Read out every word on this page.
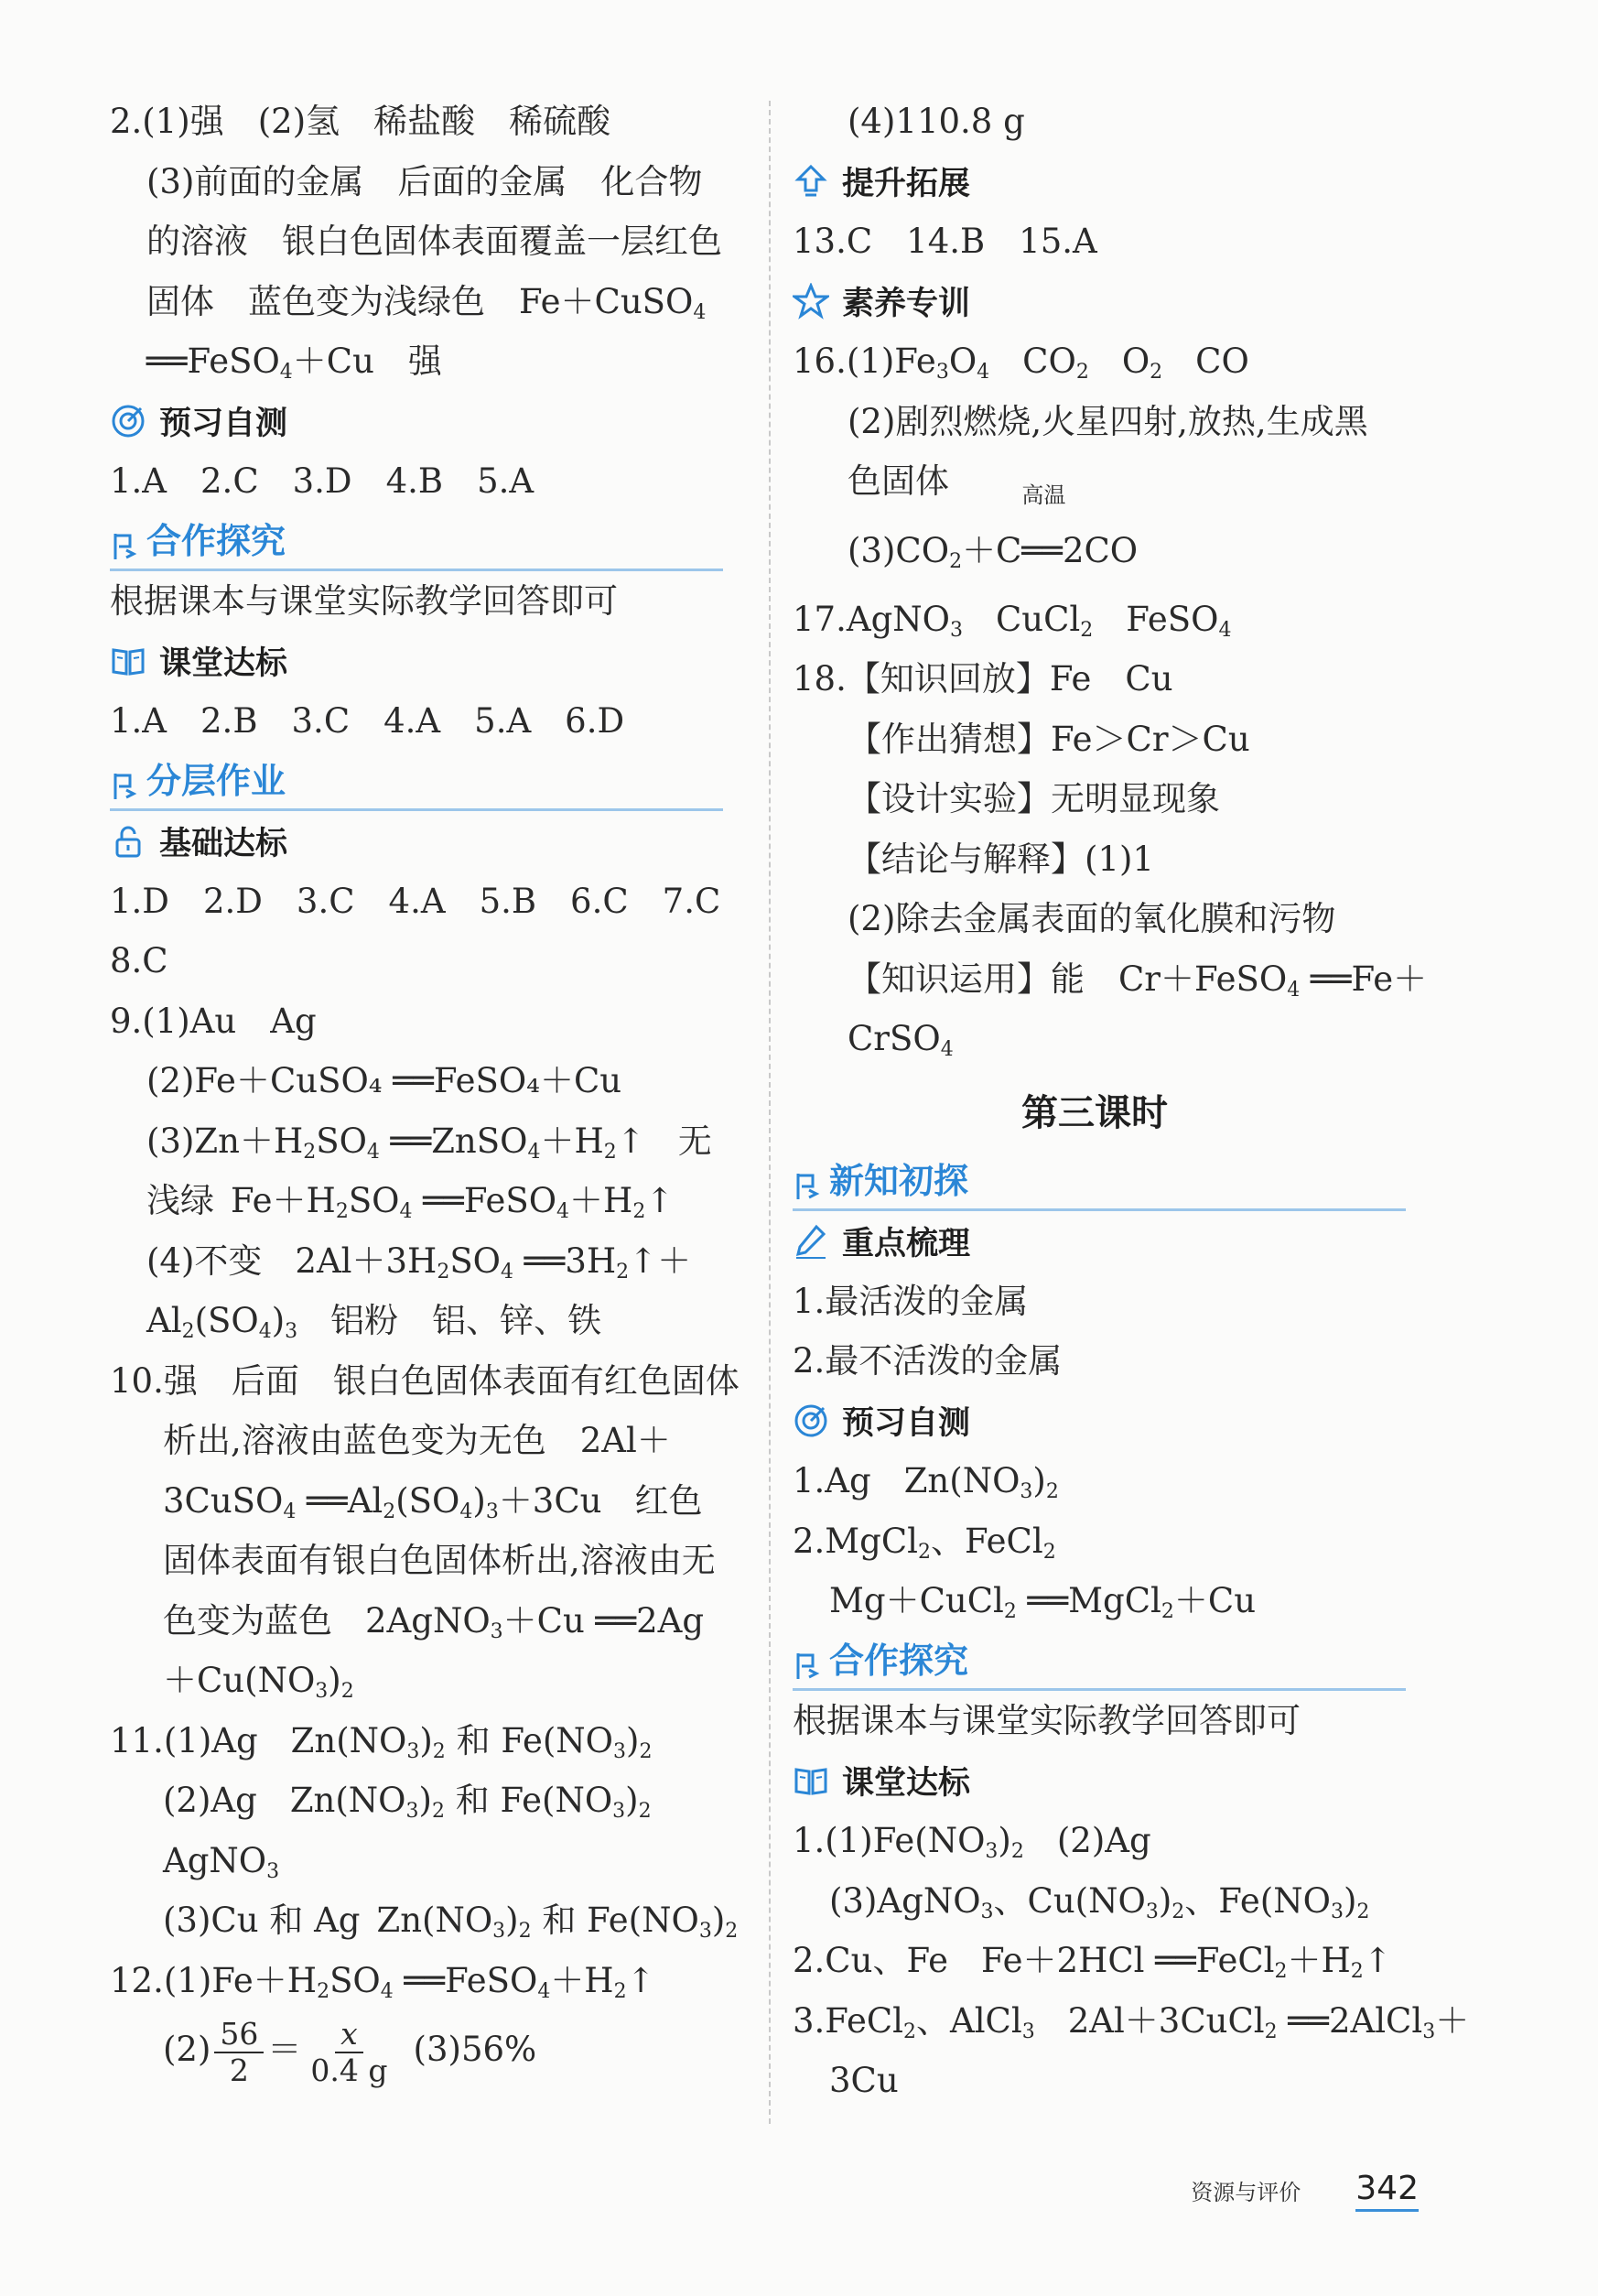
2.(1)强　(2)氢　稀盐酸　稀硫酸
(3)前面的金属　后面的金属　化合物
的溶液　银白色固体表面覆盖一层红色
固体　蓝色变为浅绿色　Fe＋CuSO$_4$
══FeSO$_4$＋Cu　强
预习自测
1.A　2.C　3.D　4.B　5.A
合作探究
根据课本与课堂实际教学回答即可
课堂达标
1.A　2.B　3.C　4.A　5.A　6.D
分层作业
基础达标
1.D　2.D　3.C　4.A　5.B　6.C　7.C
8.C
9.(1)Au　Ag
(2)Fe＋CuSO₄ ══FeSO₄＋Cu
$(3)Zn+H_2SO_4$ $══ZnSO_4+H_2↑$ 无
浅绿 $Fe+H_2SO_4$ $══FeSO_4+H_2↑$
(4)不变 $2Al+3H_2SO_4$ $══3H_2↑+$
$Al_2(SO_4)_3$ 铝粉　铝、锌、铁
10.强　后面　银白色固体表面有红色固体
析出,溶液由蓝色变为无色　2Al＋
3CuSO$_4$ $══Al_2(SO_4)_3+3Cu$ 红色
固体表面有银白色固体析出,溶液由无
色变为蓝色 2AgNO$_3$＋Cu ══2Ag
$+Cu(NO_3)_2$
11.(1)Ag $Zn(NO_3)_2$ 和 $Fe(NO_3)_2$
(2)Ag $Zn(NO_3)_2$ 和 $Fe(NO_3)_2$
AgNO$_3$
(3)Cu 和 Ag $Zn(NO_3)_2$ 和 $Fe(NO_3)_2$
$12.(1)Fe+H_2SO_4$ $══FeSO_4+H_2↑$
$(2) \frac{56}{2} = \frac{x}{0.4 g} (3)56\%$
(4)110.8 g
提升拓展
13.C　14.B　15.A
素养专训
$16.(1)Fe_3O_4$ $CO_2$ $O_2$ CO
(2)剧烈燃烧,火星四射,放热,生成黑
色固体
$(3)CO_2+C$
高温
══2CO
17.AgNO$_3$ CuCl$_2$ FeSO$_4$
18.【知识回放】Fe　Cu
【作出猜想】Fe＞Cr＞Cu
【设计实验】无明显现象
【结论与解释】(1)1
(2)除去金属表面的氧化膜和污物
【知识运用】能　Cr＋FeSO$_4$ ══Fe＋
CrSO$_4$
第三课时
新知初探
重点梳理
1.最活泼的金属
2.最不活泼的金属
预习自测
1.Ag $Zn(NO_3)_2$
2.MgCl$_2$、FeCl$_2$
Mg＋CuCl$_2$ ══MgCl$_2$＋Cu
合作探究
根据课本与课堂实际教学回答即可
课堂达标
$1.(1)Fe(NO_3)_2$ (2)Ag
(3)AgNO$_3$、$Cu(NO_3)_2$、$Fe(NO_3)_2$
2.Cu、Fe Fe＋2HCl $══FeCl_2+H_2↑$
3.FeCl$_2$、AlCl$_3$ 2Al＋3CuCl$_2$ ══2AlCl$_3$＋
3Cu
资源与评价 342
